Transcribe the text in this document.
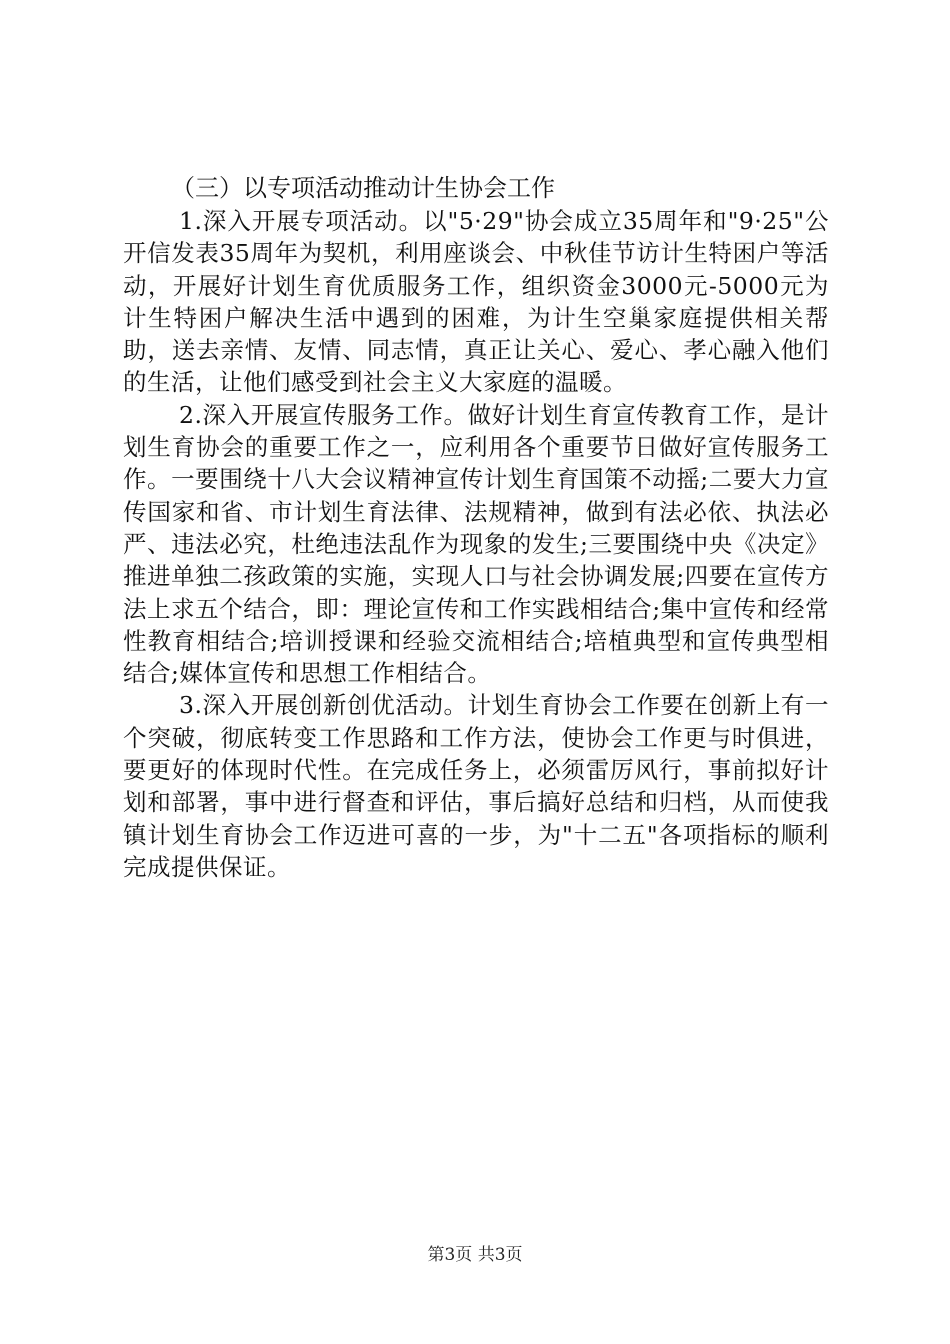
（三）以专项活动推动计生协会工作

1.深入开展专项活动。以"5·29"协会成立35周年和"9·25"公开信发表35周年为契机，利用座谈会、中秋佳节访计生特困户等活动，开展好计划生育优质服务工作，组织资金3000元-5000元为计生特困户解决生活中遇到的困难，为计生空巢家庭提供相关帮助，送去亲情、友情、同志情，真正让关心、爱心、孝心融入他们的生活，让他们感受到社会主义大家庭的温暖。

2.深入开展宣传服务工作。做好计划生育宣传教育工作，是计划生育协会的重要工作之一，应利用各个重要节日做好宣传服务工作。一要围绕十八大会议精神宣传计划生育国策不动摇;二要大力宣传国家和省、市计划生育法律、法规精神，做到有法必依、执法必严、违法必究，杜绝违法乱作为现象的发生;三要围绕中央《决定》推进单独二孩政策的实施，实现人口与社会协调发展;四要在宣传方法上求五个结合，即：理论宣传和工作实践相结合;集中宣传和经常性教育相结合;培训授课和经验交流相结合;培植典型和宣传典型相结合;媒体宣传和思想工作相结合。

3.深入开展创新创优活动。计划生育协会工作要在创新上有一个突破，彻底转变工作思路和工作方法，使协会工作更与时俱进，要更好的体现时代性。在完成任务上，必须雷厉风行，事前拟好计划和部署，事中进行督查和评估，事后搞好总结和归档，从而使我镇计划生育协会工作迈进可喜的一步，为"十二五"各项指标的顺利完成提供保证。

第3页 共3页
